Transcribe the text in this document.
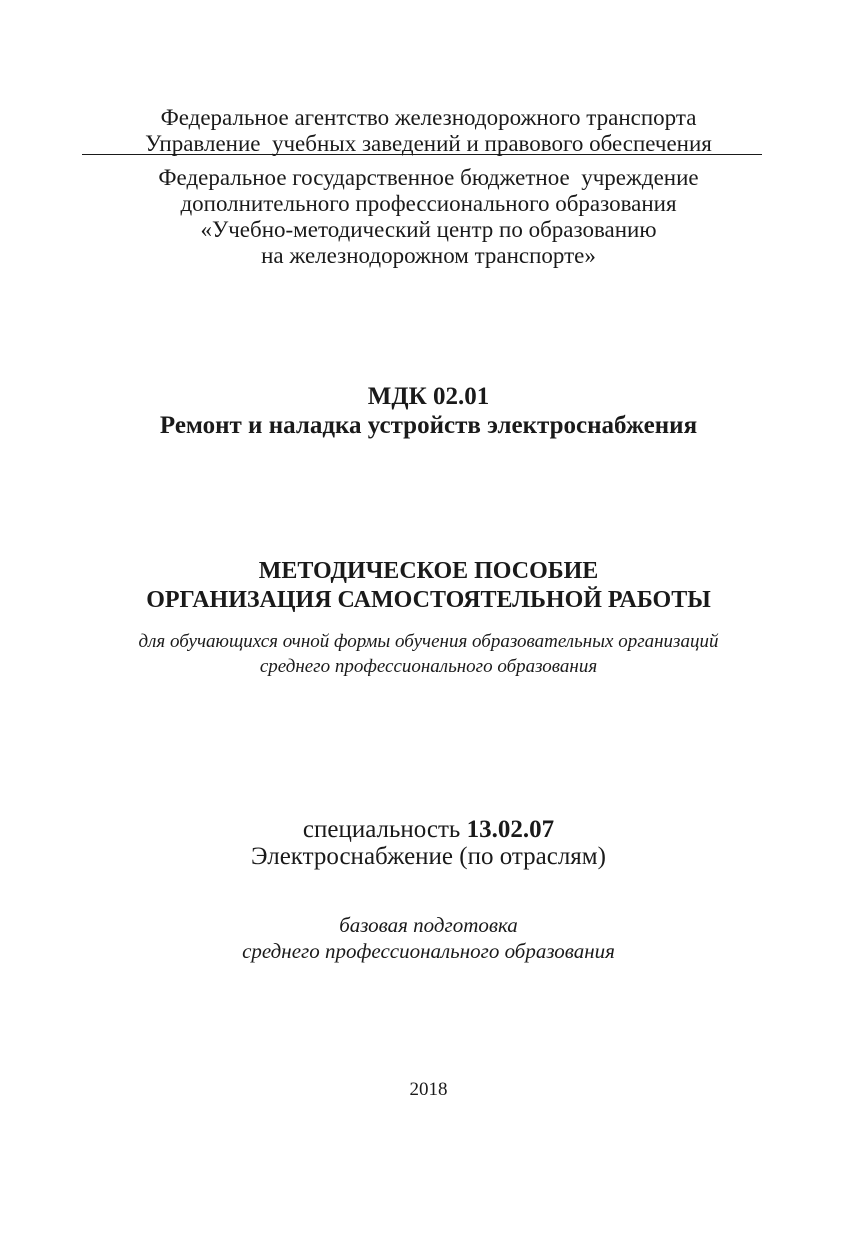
Федеральное агентство железнодорожного транспорта
Управление  учебных заведений и правового обеспечения
Федеральное государственное бюджетное  учреждение
дополнительного профессионального образования
«Учебно-методический центр по образованию
на железнодорожном транспорте»
МДК 02.01
Ремонт и наладка устройств электроснабжения
МЕТОДИЧЕСКОЕ ПОСОБИЕ
ОРГАНИЗАЦИЯ САМОСТОЯТЕЛЬНОЙ РАБОТЫ
для обучающихся очной формы обучения образовательных организаций
среднего профессионального образования
специальность 13.02.07
Электроснабжение (по отраслям)
базовая подготовка
среднего профессионального образования
2018
